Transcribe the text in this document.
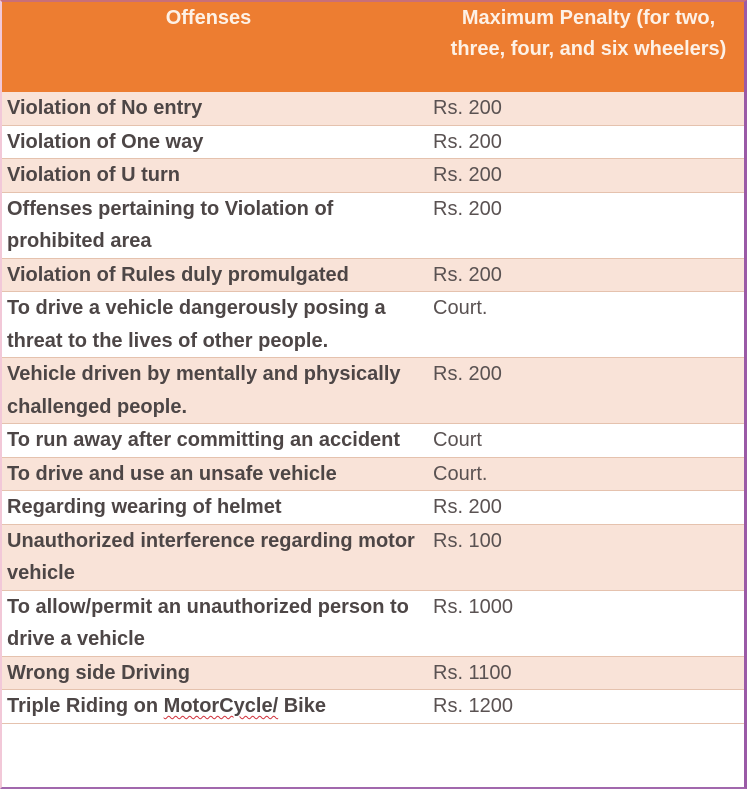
Offenses	Maximum Penalty (for two, three, four, and six wheelers)
Violation of No entry	Rs. 200
Violation of One way	Rs. 200
Violation of U turn	Rs. 200
Offenses pertaining to Violation of prohibited area	Rs. 200
Violation of Rules duly promulgated	Rs. 200
To drive a vehicle dangerously posing a threat to the lives of other people.	Court.
Vehicle driven by mentally and physically challenged people.	Rs. 200
To run away after committing an accident	Court
To drive and use an unsafe vehicle	Court.
Regarding wearing of helmet	Rs. 200
Unauthorized interference regarding motor vehicle	Rs. 100
To allow/permit an unauthorized person to drive a vehicle	Rs. 1000
Wrong side Driving	Rs. 1100
Triple Riding on MotorCycle/ Bike	Rs. 1200
